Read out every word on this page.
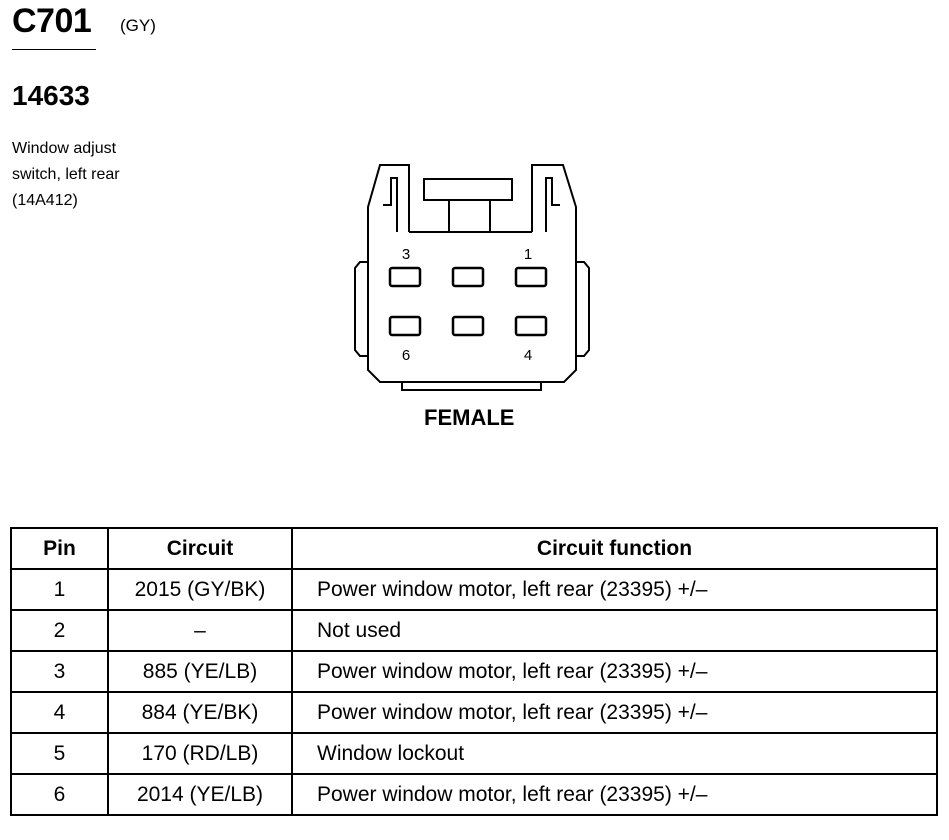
C701 (GY)
14633
Window adjust
switch, left rear
(14A412)
3	1
6	4
FEMALE
Pin	Circuit	Circuit function
1	2015 (GY/BK)	Power window motor, left rear (23395) +/–
2	–	Not used
3	885 (YE/LB)	Power window motor, left rear (23395) +/–
4	884 (YE/BK)	Power window motor, left rear (23395) +/–
5	170 (RD/LB)	Window lockout
6	2014 (YE/LB)	Power window motor, left rear (23395) +/–
